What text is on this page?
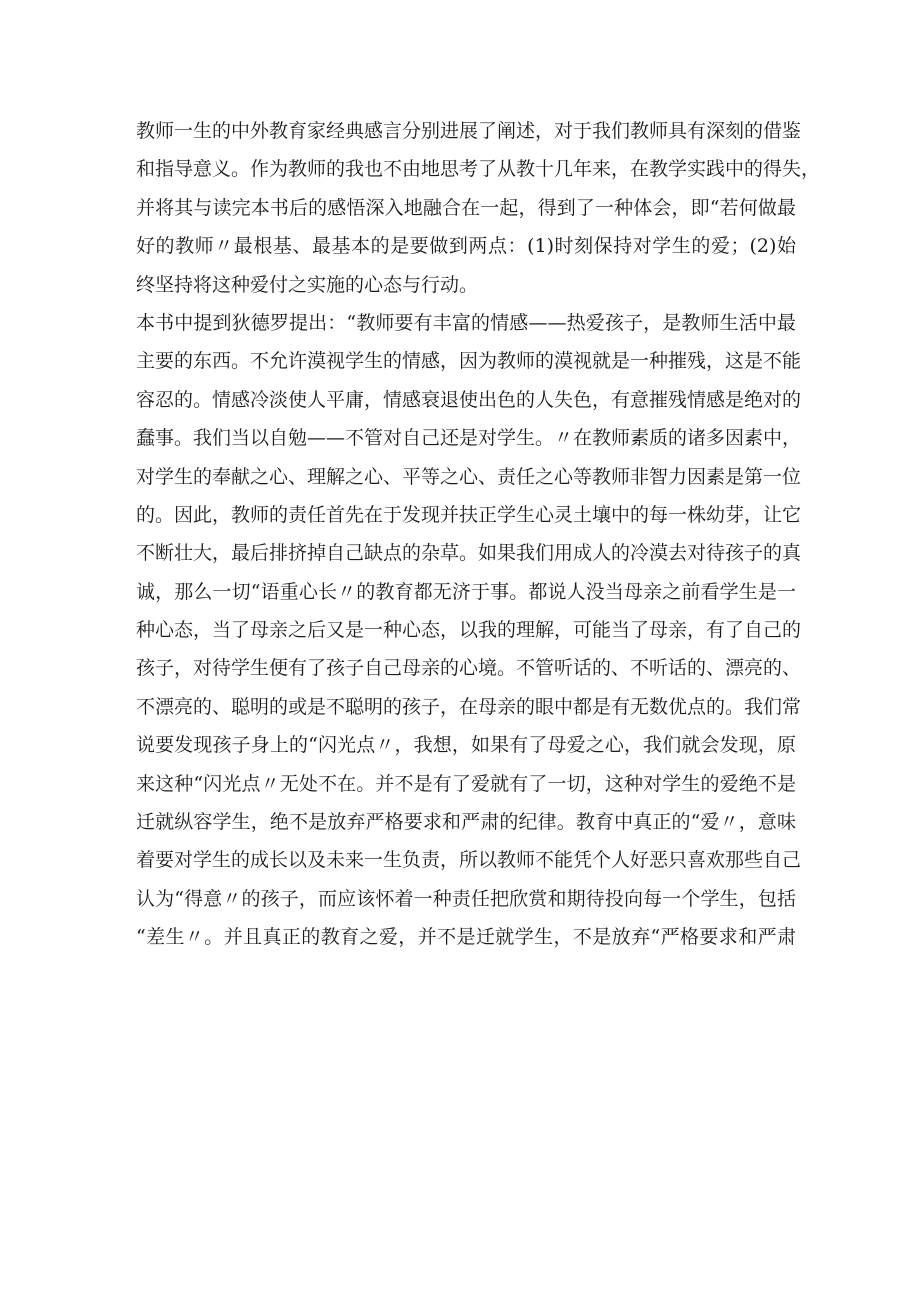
教师一生的中外教育家经典感言分别进展了阐述，对于我们教师具有深刻的借鉴
和指导意义。作为教师的我也不由地思考了从教十几年来，在教学实践中的得失，
并将其与读完本书后的感悟深入地融合在一起，得到了一种体会，即“若何做最
好的教师〃最根基、最基本的是要做到两点：(1)时刻保持对学生的爱；(2)始
终坚持将这种爱付之实施的心态与行动。
本书中提到狄德罗提出：“教师要有丰富的情感——热爱孩子，是教师生活中最
主要的东西。不允许漠视学生的情感，因为教师的漠视就是一种摧残，这是不能
容忍的。情感冷淡使人平庸，情感衰退使出色的人失色，有意摧残情感是绝对的
蠢事。我们当以自勉——不管对自己还是对学生。〃在教师素质的诸多因素中，
对学生的奉献之心、理解之心、平等之心、责任之心等教师非智力因素是第一位
的。因此，教师的责任首先在于发现并扶正学生心灵土壤中的每一株幼芽，让它
不断壮大，最后排挤掉自己缺点的杂草。如果我们用成人的冷漠去对待孩子的真
诚，那么一切“语重心长〃的教育都无济于事。都说人没当母亲之前看学生是一
种心态，当了母亲之后又是一种心态，以我的理解，可能当了母亲，有了自己的
孩子，对待学生便有了孩子自己母亲的心境。不管听话的、不听话的、漂亮的、
不漂亮的、聪明的或是不聪明的孩子，在母亲的眼中都是有无数优点的。我们常
说要发现孩子身上的“闪光点〃，我想，如果有了母爱之心，我们就会发现，原
来这种“闪光点〃无处不在。并不是有了爱就有了一切，这种对学生的爱绝不是
迁就纵容学生，绝不是放弃严格要求和严肃的纪律。教育中真正的“爱〃，意味
着要对学生的成长以及未来一生负责，所以教师不能凭个人好恶只喜欢那些自己
认为“得意〃的孩子，而应该怀着一种责任把欣赏和期待投向每一个学生，包括
“差生〃。并且真正的教育之爱，并不是迁就学生，不是放弃“严格要求和严肃
